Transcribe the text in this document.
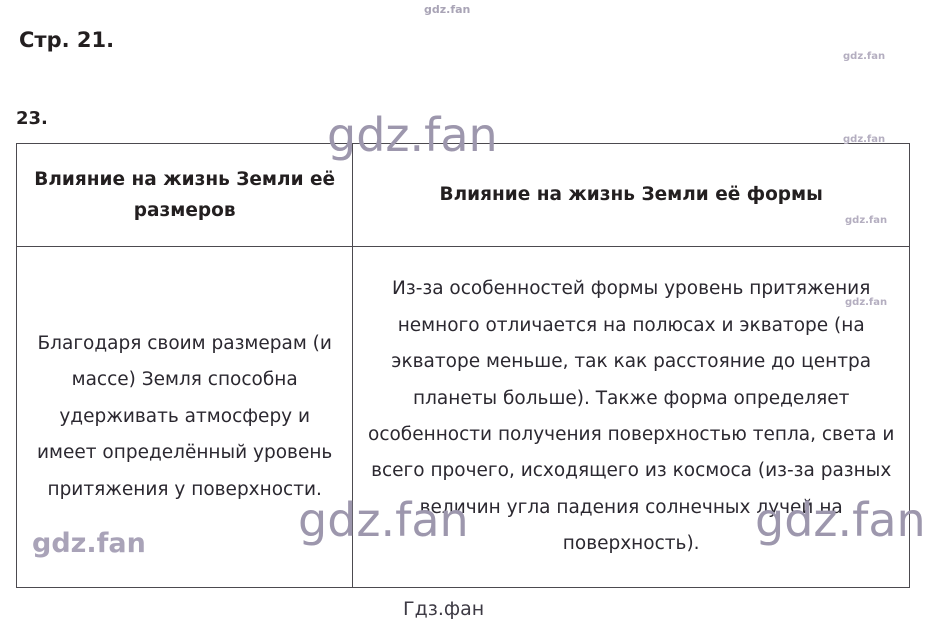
Стр. 21.
23.
Влияние на жизнь Земли её размеров	Влияние на жизнь Земли её формы
Благодаря своим размерам (и массе) Земля способна удерживать атмосферу и имеет определённый уровень притяжения у поверхности.	Из-за особенностей формы уровень притяжения немного отличается на полюсах и экваторе (на экваторе меньше, так как расстояние до центра планеты больше). Также форма определяет особенности получения поверхностью тепла, света и всего прочего, исходящего из космоса (из-за разных величин угла падения солнечных лучей на поверхность).
gdz.fan
gdz.fan
gdz.fan	gdz.fan
gdz.fan
gdz.fan
gdz.fan	gdz.fan	gdz.fan
Гдз.фан
